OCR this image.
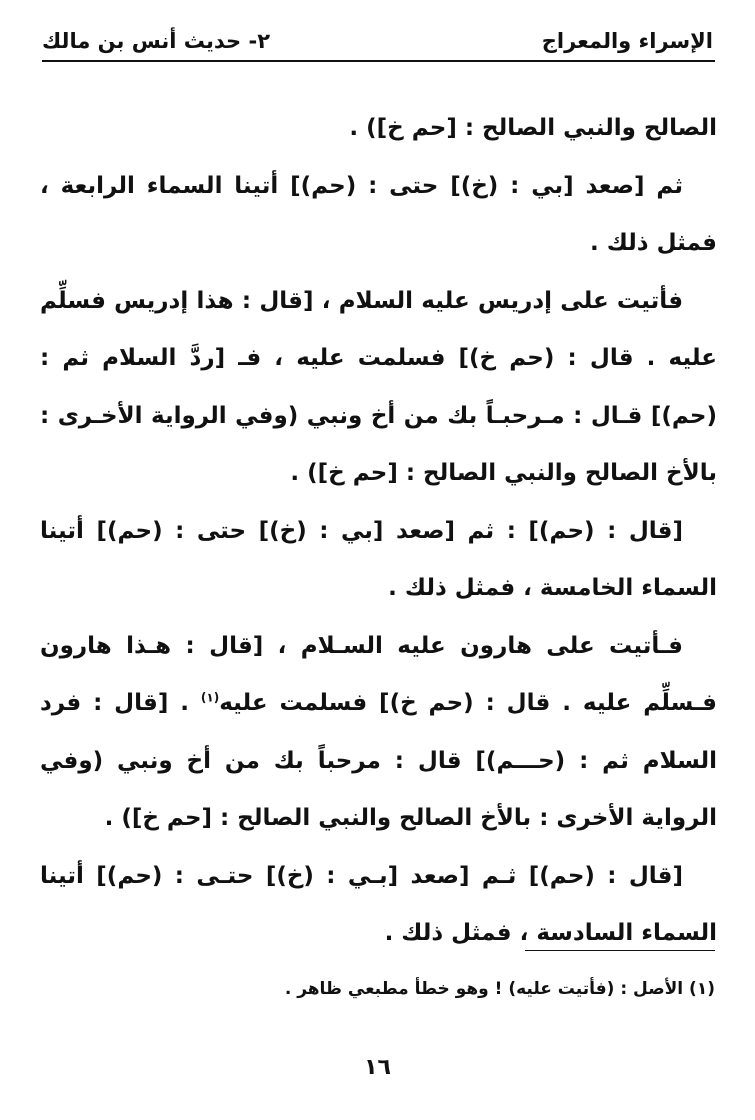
الإسراء والمعراج
٢- حديث أنس بن مالك

الصالح والنبي الصالح : [حم خ]) .

ثم [صعد [بي : (خ)] حتى : (حم)] أتينا السماء الرابعة ، فمثل ذلك .

فأتيت على إدريس عليه السلام ، [قال : هذا إدريس فسلِّم عليه . قال : (حم خ)] فسلمت عليه ، فـ [ردَّ السلام ثم : (حم)] قـال : مـرحبـاً بك من أخ ونبي (وفي الرواية الأخـرى : بالأخ الصالح والنبي الصالح : [حم خ]) .

[قال : (حم)] : ثم [صعد [بي : (خ)] حتى : (حم)] أتينا السماء الخامسة ، فمثل ذلك .

فـأتيت على هارون عليه السـلام ، [قال : هـذا هارون فـسلِّم عليه . قال : (حم خ)] فسلمت عليه$^{(١)}$ . [قال : فرد السلام ثم : (حـــم)] قال : مرحباً بك من أخ ونبي (وفي الرواية الأخرى : بالأخ الصالح والنبي الصالح : [حم خ]) .

[قال : (حم)] ثـم [صعد [بـي : (خ)] حتـى : (حم)] أتينا السماء السادسة ، فمثل ذلك .

(١) الأصل : (فأتيت عليه) ! وهو خطأ مطبعي ظاهر .
١٦
